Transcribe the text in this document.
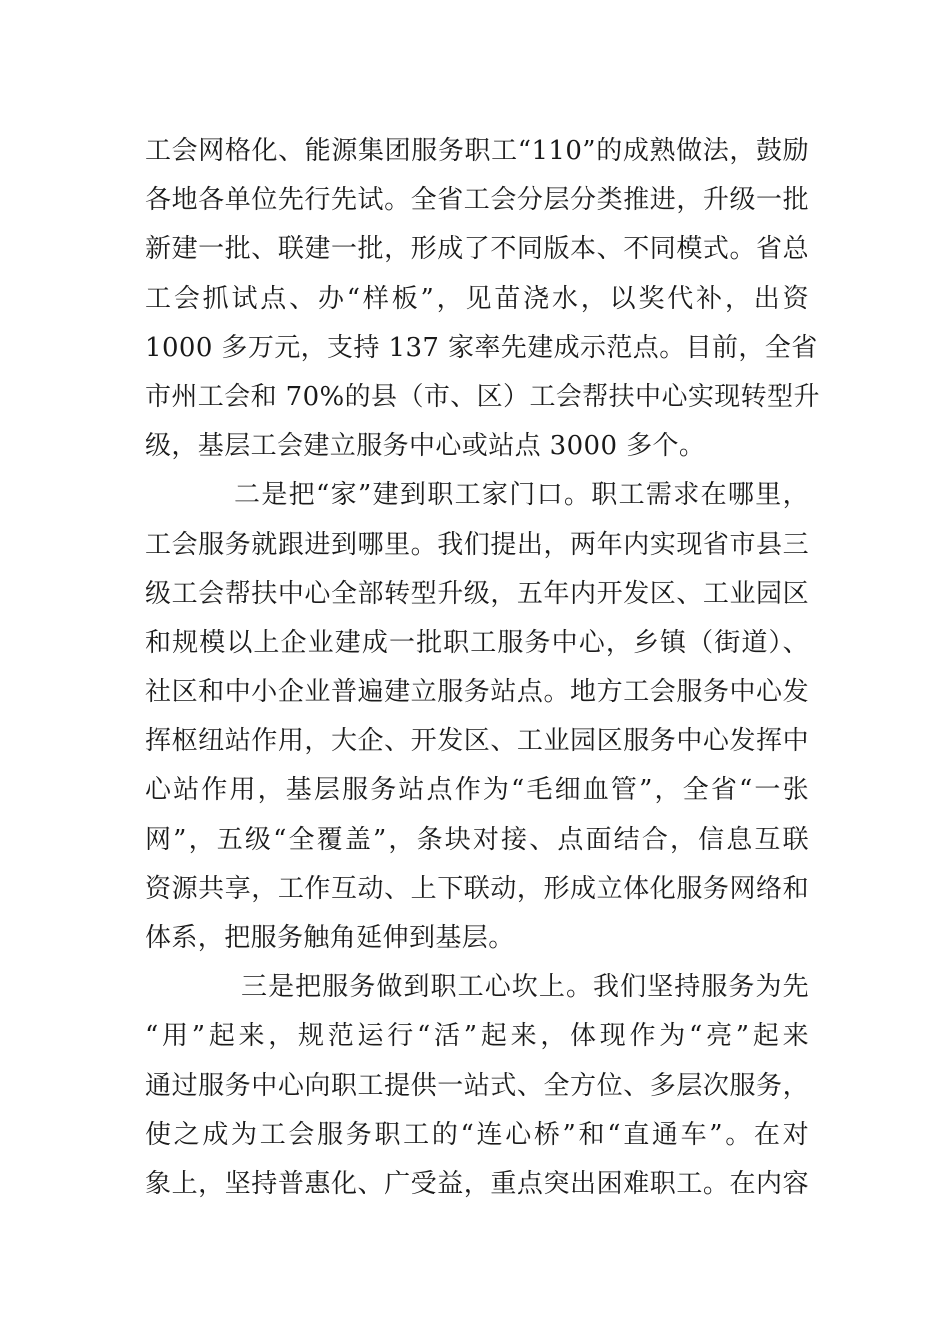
工会网格化、能源集团服务职工“110”的成熟做法，鼓励
各地各单位先行先试。全省工会分层分类推进，升级一批
新建一批、联建一批，形成了不同版本、不同模式。省总
工会抓试点、办“样板”，见苗浇水，以奖代补，出资
1000 多万元，支持 137 家率先建成示范点。目前，全省
市州工会和 70%的县（市、区）工会帮扶中心实现转型升
级，基层工会建立服务中心或站点 3000 多个。
二是把“家”建到职工家门口。职工需求在哪里，
工会服务就跟进到哪里。我们提出，两年内实现省市县三
级工会帮扶中心全部转型升级，五年内开发区、工业园区
和规模以上企业建成一批职工服务中心，乡镇（街道）、
社区和中小企业普遍建立服务站点。地方工会服务中心发
挥枢纽站作用，大企、开发区、工业园区服务中心发挥中
心站作用，基层服务站点作为“毛细血管”，全省“一张
网”，五级“全覆盖”，条块对接、点面结合，信息互联
资源共享，工作互动、上下联动，形成立体化服务网络和
体系，把服务触角延伸到基层。
三是把服务做到职工心坎上。我们坚持服务为先
“用”起来，规范运行“活”起来，体现作为“亮”起来
通过服务中心向职工提供一站式、全方位、多层次服务，
使之成为工会服务职工的“连心桥”和“直通车”。在对
象上，坚持普惠化、广受益，重点突出困难职工。在内容
